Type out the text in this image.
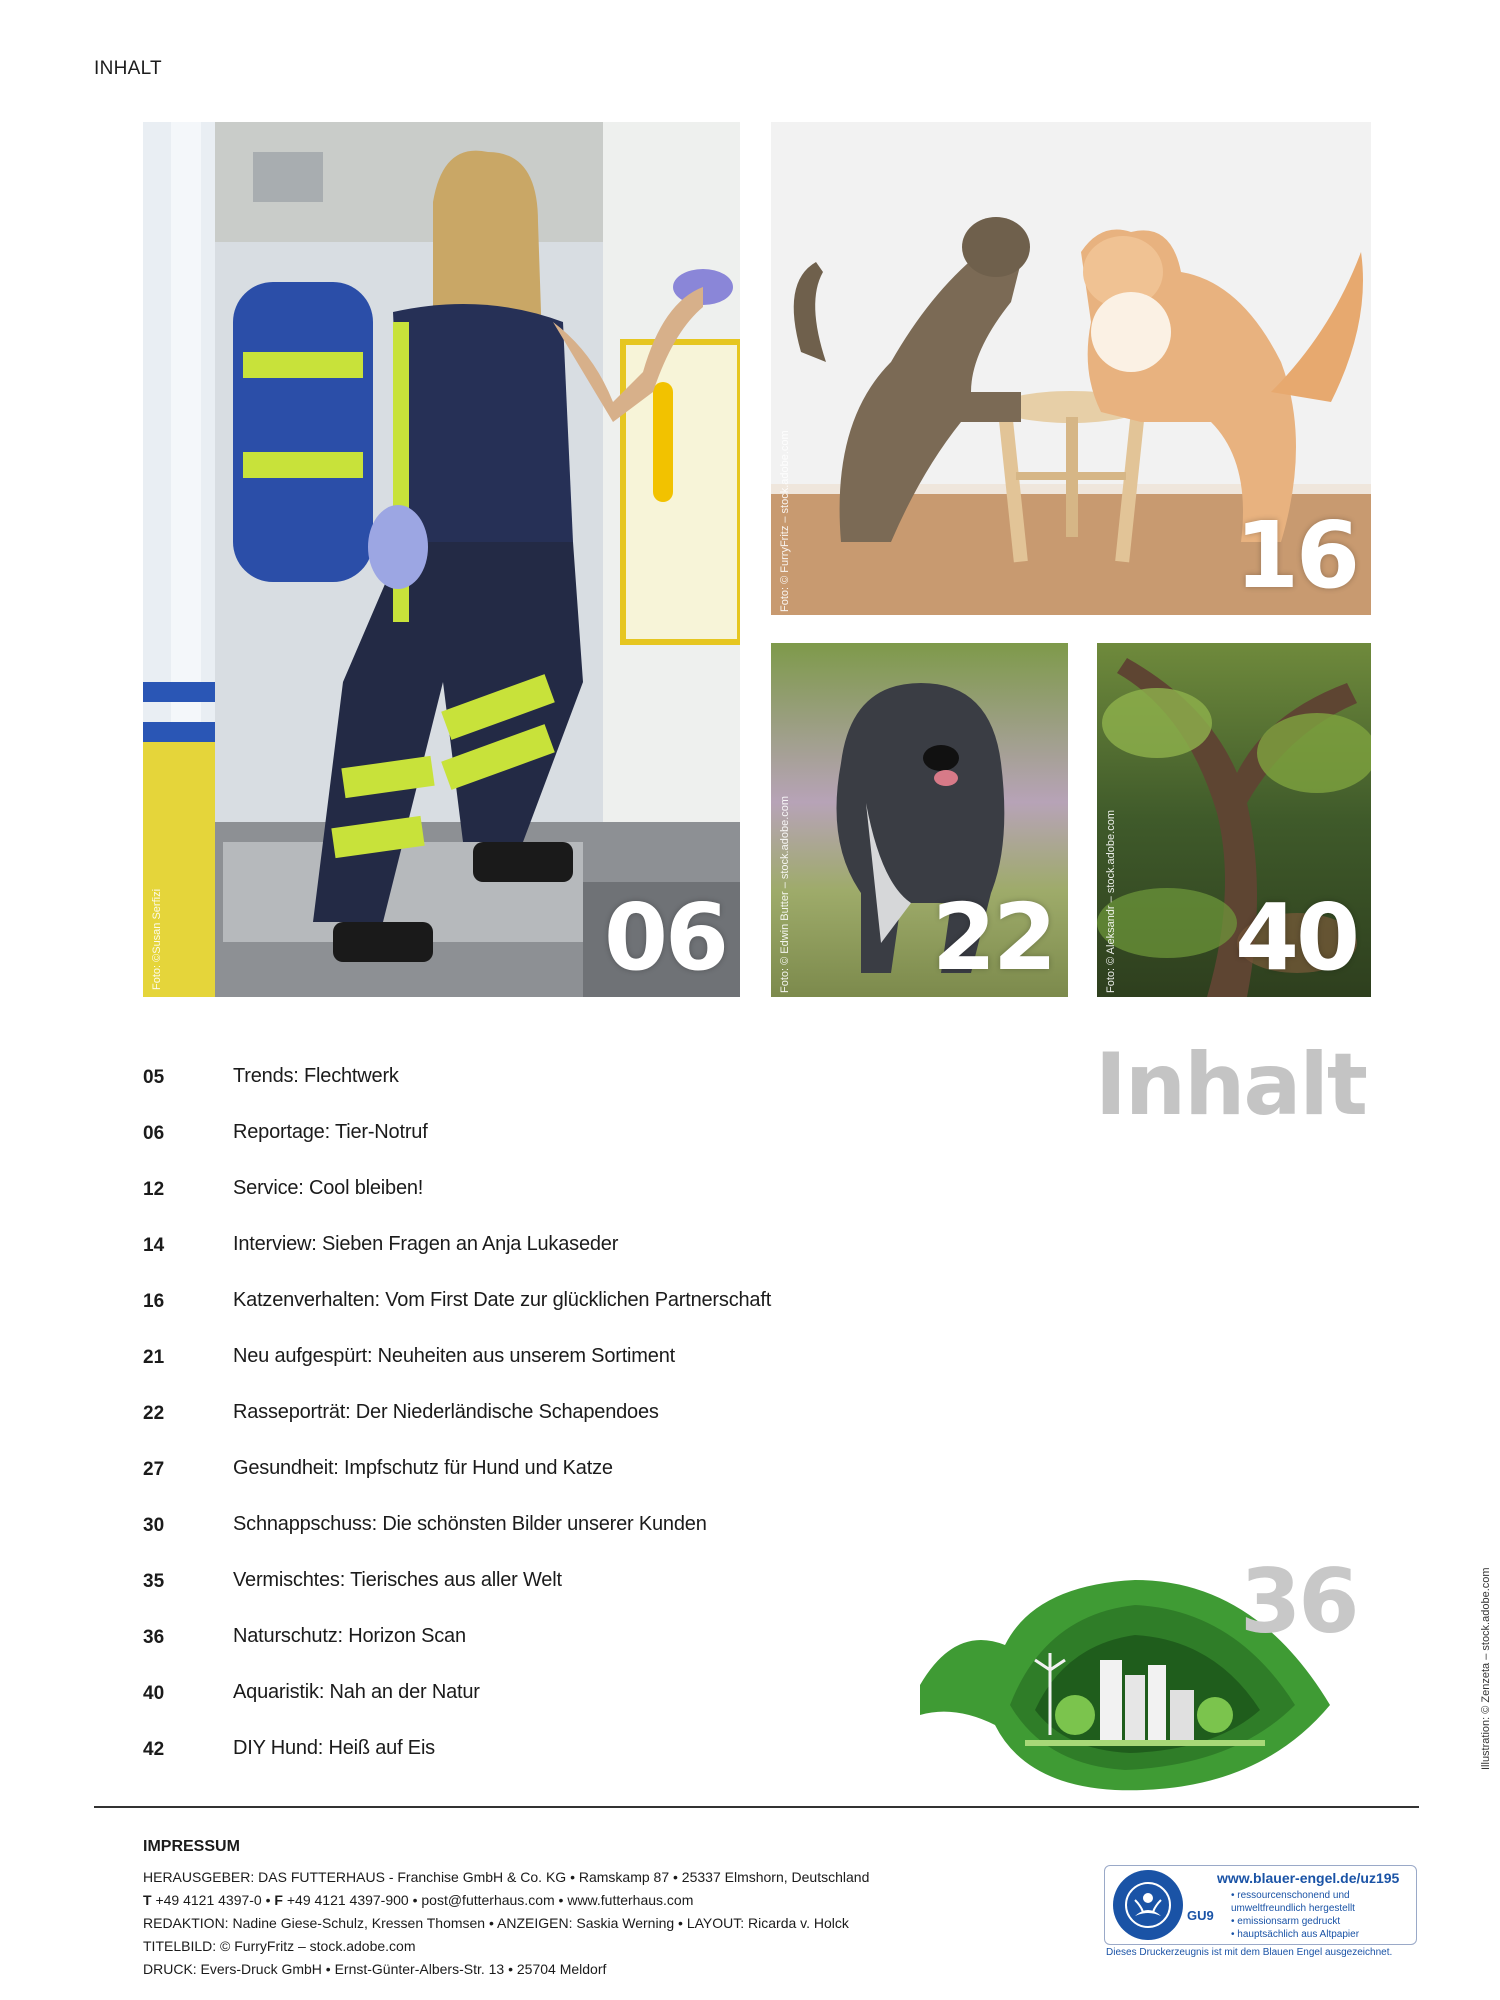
INHALT
06
Foto: ©Susan Serfizi
16
Foto: © FurryFritz – stock.adobe.com
22
Foto: © Edwin Butter – stock.adobe.com	40
Foto: © Aleksandr – stock.adobe.com
Inhalt
05	Trends: Flechtwerk
06	Reportage: Tier-Notruf
12	Service: Cool bleiben!
14	Interview: Sieben Fragen an Anja Lukaseder
16	Katzenverhalten: Vom First Date zur glücklichen Partnerschaft
21	Neu aufgespürt: Neuheiten aus unserem Sortiment
22	Rasseporträt: Der Niederländische Schapendoes
27	Gesundheit: Impfschutz für Hund und Katze
30	Schnappschuss: Die schönsten Bilder unserer Kunden
35	Vermischtes: Tierisches aus aller Welt
36	Naturschutz: Horizon Scan
40	Aquaristik: Nah an der Natur
42	DIY Hund: Heiß auf Eis
36	Illustration: © Zenzeta – stock.adobe.com
IMPRESSUM
HERAUSGEBER: DAS FUTTERHAUS - Franchise GmbH & Co. KG • Ramskamp 87 • 25337 Elmshorn, Deutschland
T +49 4121 4397-0 • F +49 4121 4397-900 • post@futterhaus.com • www.futterhaus.com
REDAKTION: Nadine Giese-Schulz, Kressen Thomsen • ANZEIGEN: Saskia Werning • LAYOUT: Ricarda v. Holck
TITELBILD: © FurryFritz – stock.adobe.com
DRUCK: Evers-Druck GmbH • Ernst-Günter-Albers-Str. 13 • 25704 Meldorf
GU9
www.blauer-engel.de/uz195
• ressourcenschonend und
umweltfreundlich hergestellt
• emissionsarm gedruckt
• hauptsächlich aus Altpapier
Dieses Druckerzeugnis ist mit dem Blauen Engel ausgezeichnet.
